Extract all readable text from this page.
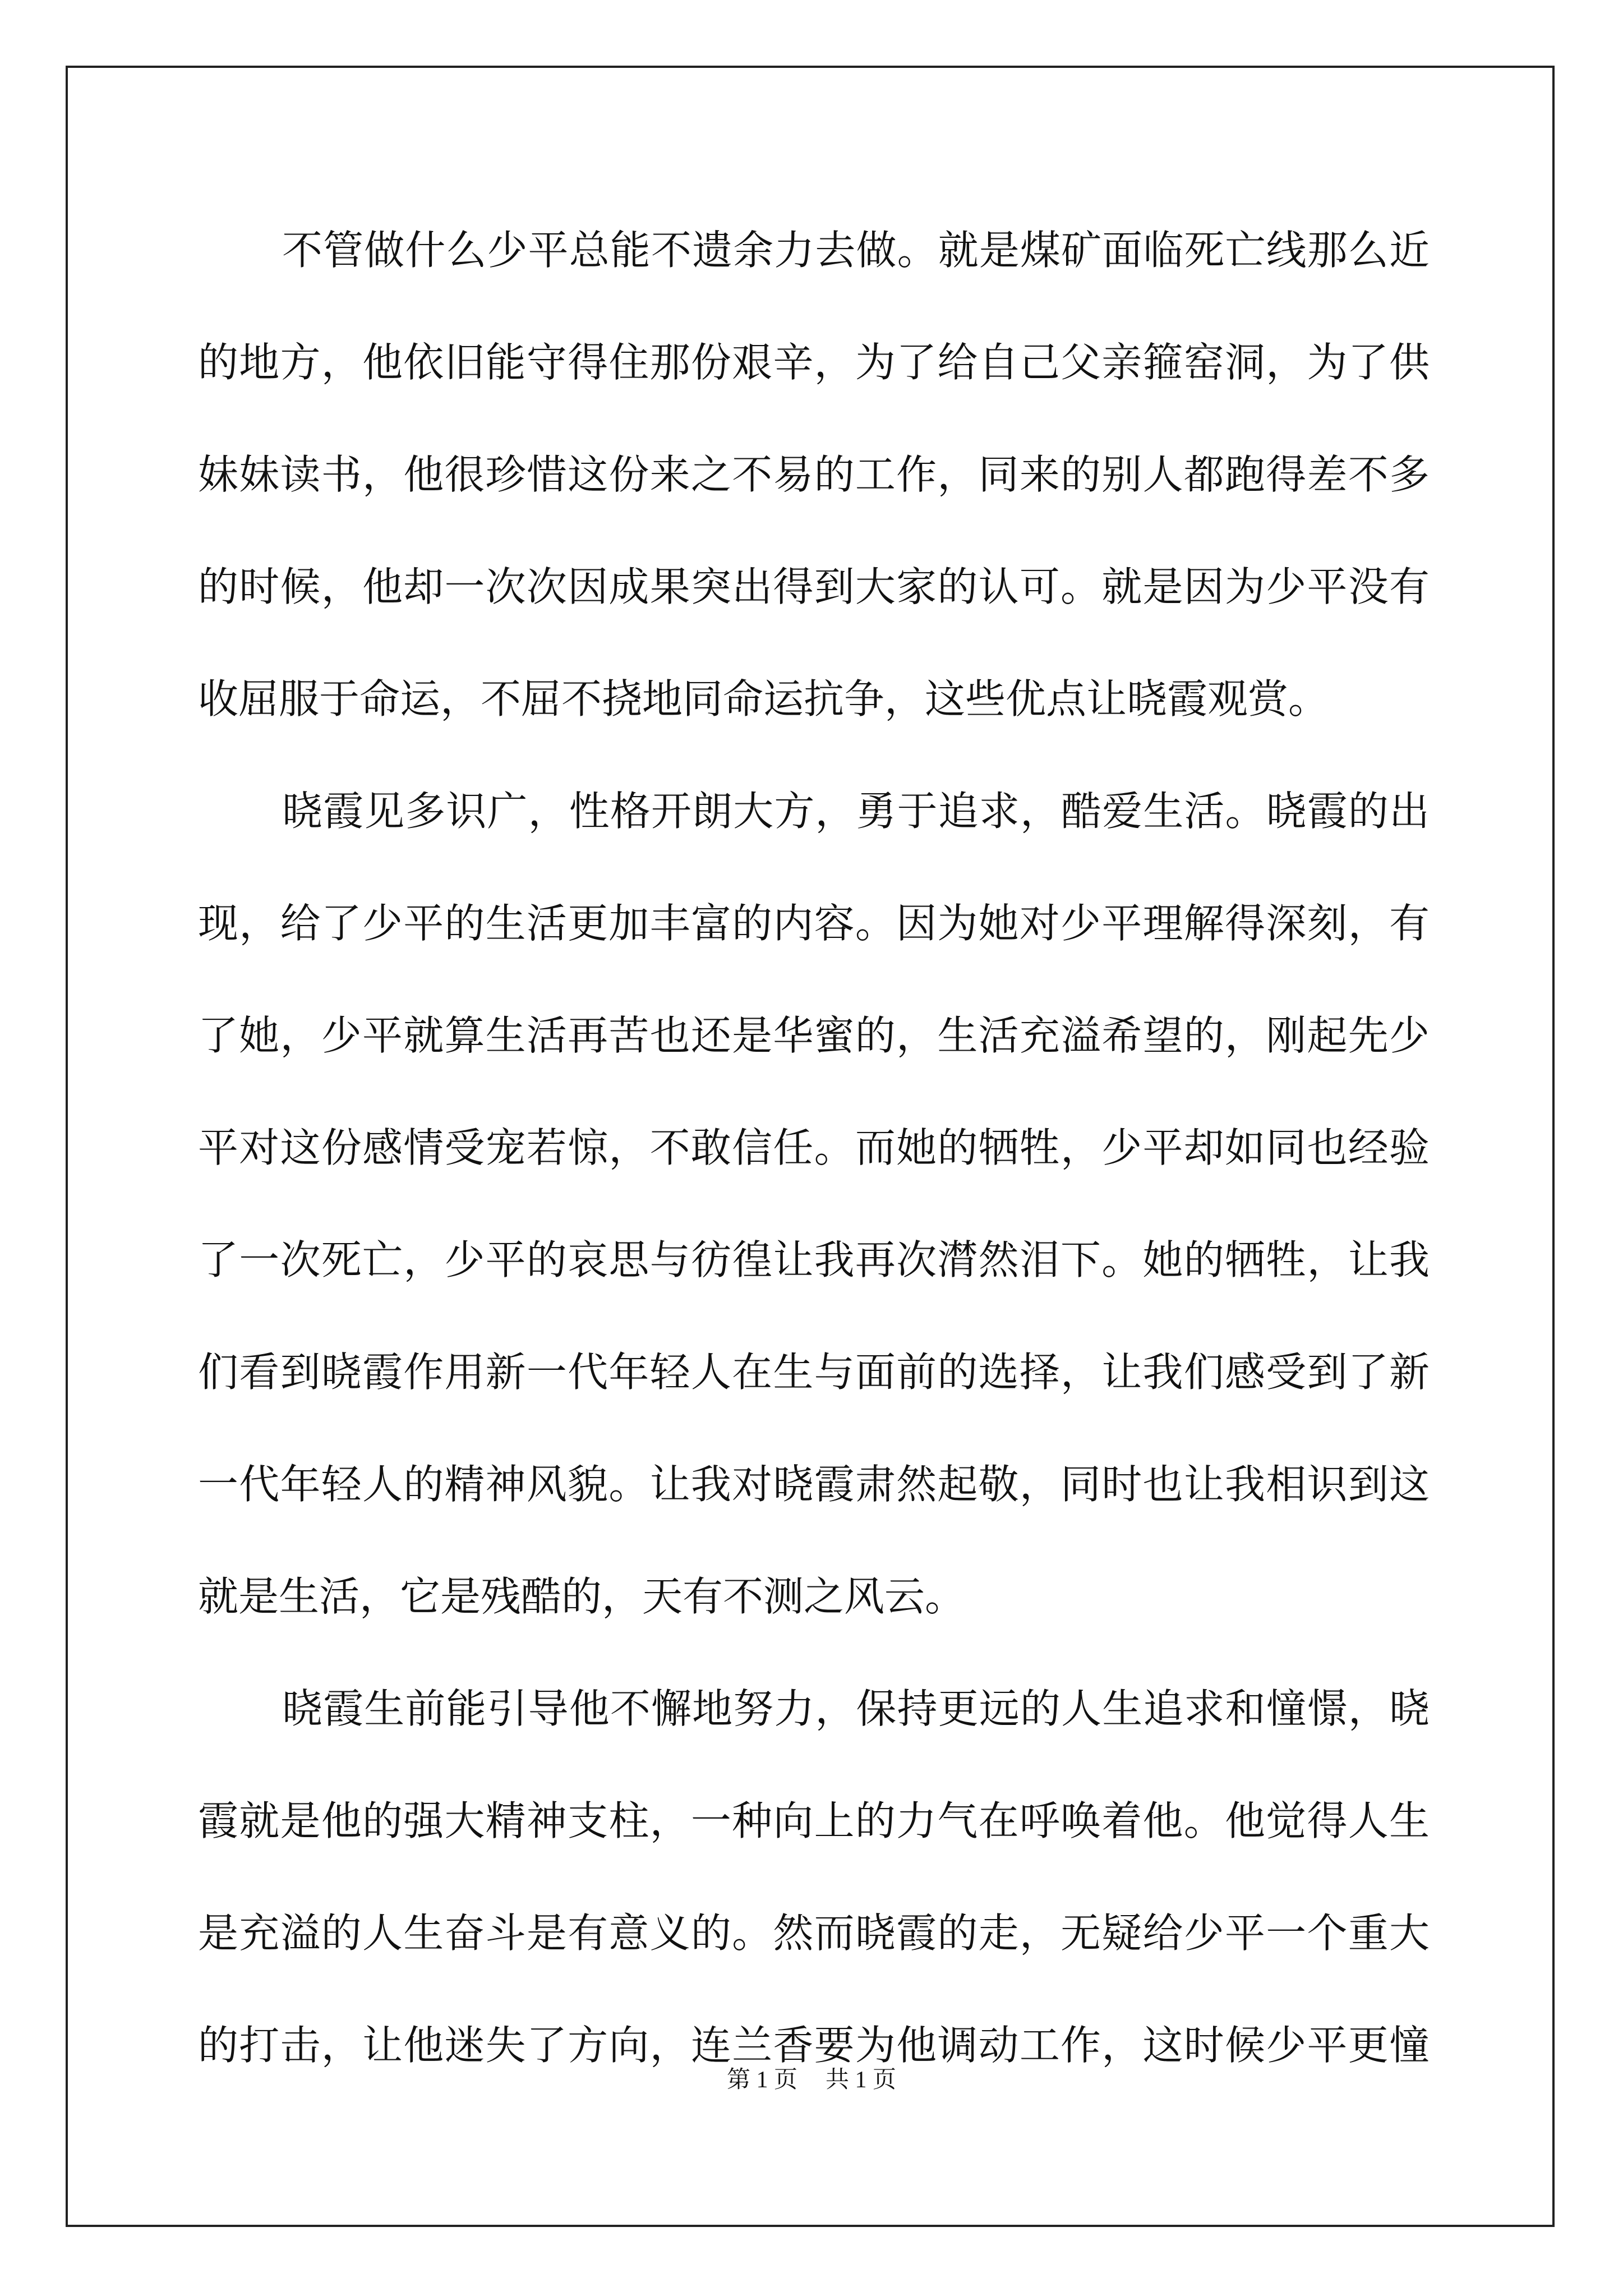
不管做什么少平总能不遗余力去做。就是煤矿面临死亡线那么近
的地方，他依旧能守得住那份艰辛，为了给自己父亲箍窑洞，为了供
妹妹读书，他很珍惜这份来之不易的工作，同来的别人都跑得差不多
的时候，他却一次次因成果突出得到大家的认可。就是因为少平没有
收屈服于命运，不屈不挠地同命运抗争，这些优点让晓霞观赏。
晓霞见多识广，性格开朗大方，勇于追求，酷爱生活。晓霞的出
现，给了少平的生活更加丰富的内容。因为她对少平理解得深刻，有
了她，少平就算生活再苦也还是华蜜的，生活充溢希望的，刚起先少
平对这份感情受宠若惊，不敢信任。而她的牺牲，少平却如同也经验
了一次死亡，少平的哀思与彷徨让我再次潸然泪下。她的牺牲，让我
们看到晓霞作用新一代年轻人在生与面前的选择，让我们感受到了新
一代年轻人的精神风貌。让我对晓霞肃然起敬，同时也让我相识到这
就是生活，它是残酷的，天有不测之风云。
晓霞生前能引导他不懈地努力，保持更远的人生追求和憧憬，晓
霞就是他的强大精神支柱，一种向上的力气在呼唤着他。他觉得人生
是充溢的人生奋斗是有意义的。然而晓霞的走，无疑给少平一个重大
的打击，让他迷失了方向，连兰香要为他调动工作，这时候少平更憧
第 1 页 共 1 页
